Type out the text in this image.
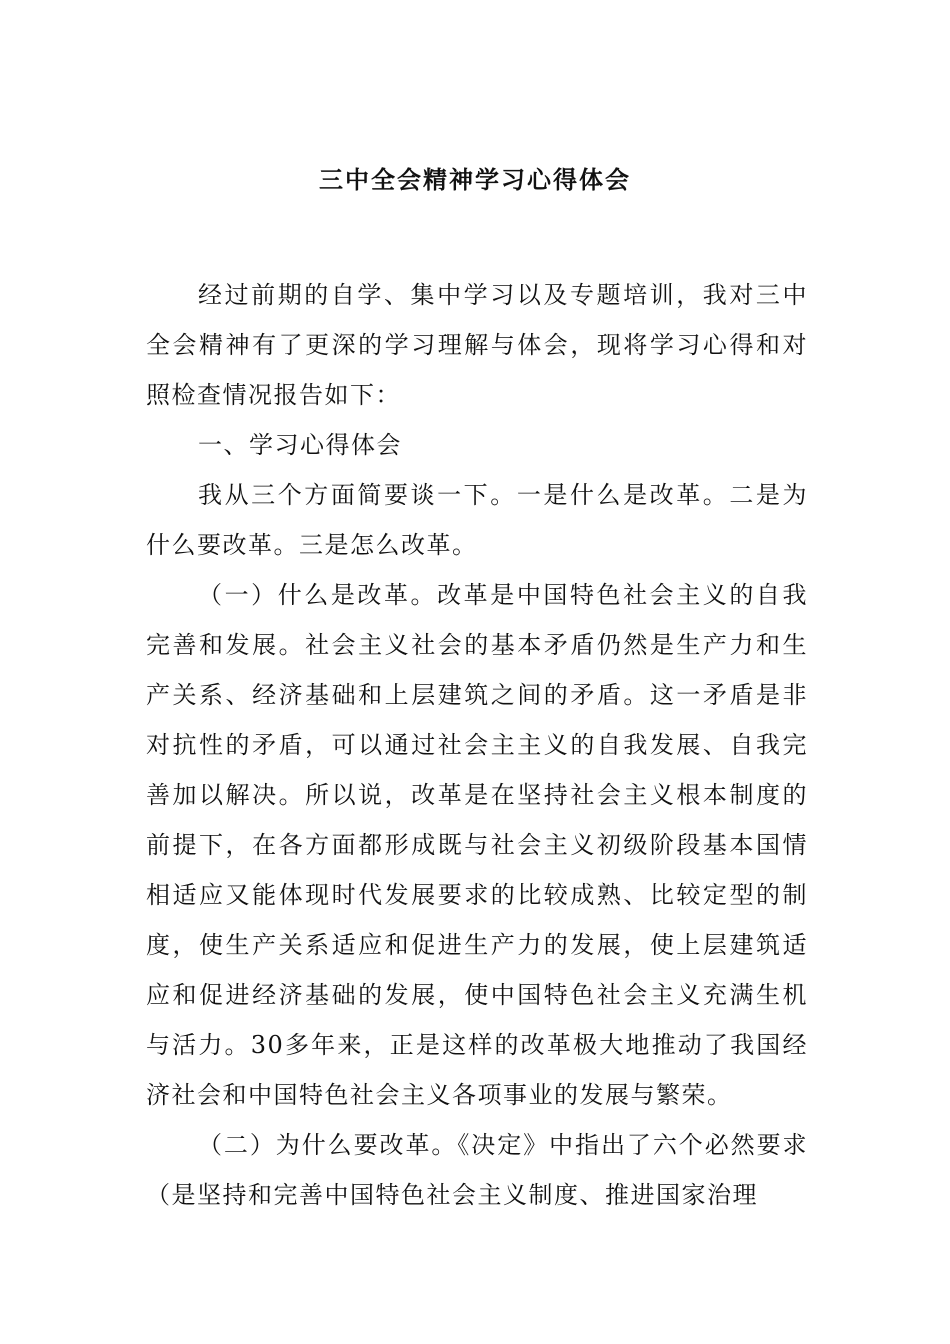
三中全会精神学习心得体会

经过前期的自学、集中学习以及专题培训，我对三中全会精神有了更深的学习理解与体会，现将学习心得和对照检查情况报告如下：

一、学习心得体会

我从三个方面简要谈一下。一是什么是改革。二是为什么要改革。三是怎么改革。

（一）什么是改革。改革是中国特色社会主义的自我完善和发展。社会主义社会的基本矛盾仍然是生产力和生产关系、经济基础和上层建筑之间的矛盾。这一矛盾是非对抗性的矛盾，可以通过社会主主义的自我发展、自我完善加以解决。所以说，改革是在坚持社会主义根本制度的前提下，在各方面都形成既与社会主义初级阶段基本国情相适应又能体现时代发展要求的比较成熟、比较定型的制度，使生产关系适应和促进生产力的发展，使上层建筑适应和促进经济基础的发展，使中国特色社会主义充满生机与活力。30多年来，正是这样的改革极大地推动了我国经济社会和中国特色社会主义各项事业的发展与繁荣。

（二）为什么要改革。《决定》中指出了六个必然要求（是坚持和完善中国特色社会主义制度、推进国家治理
